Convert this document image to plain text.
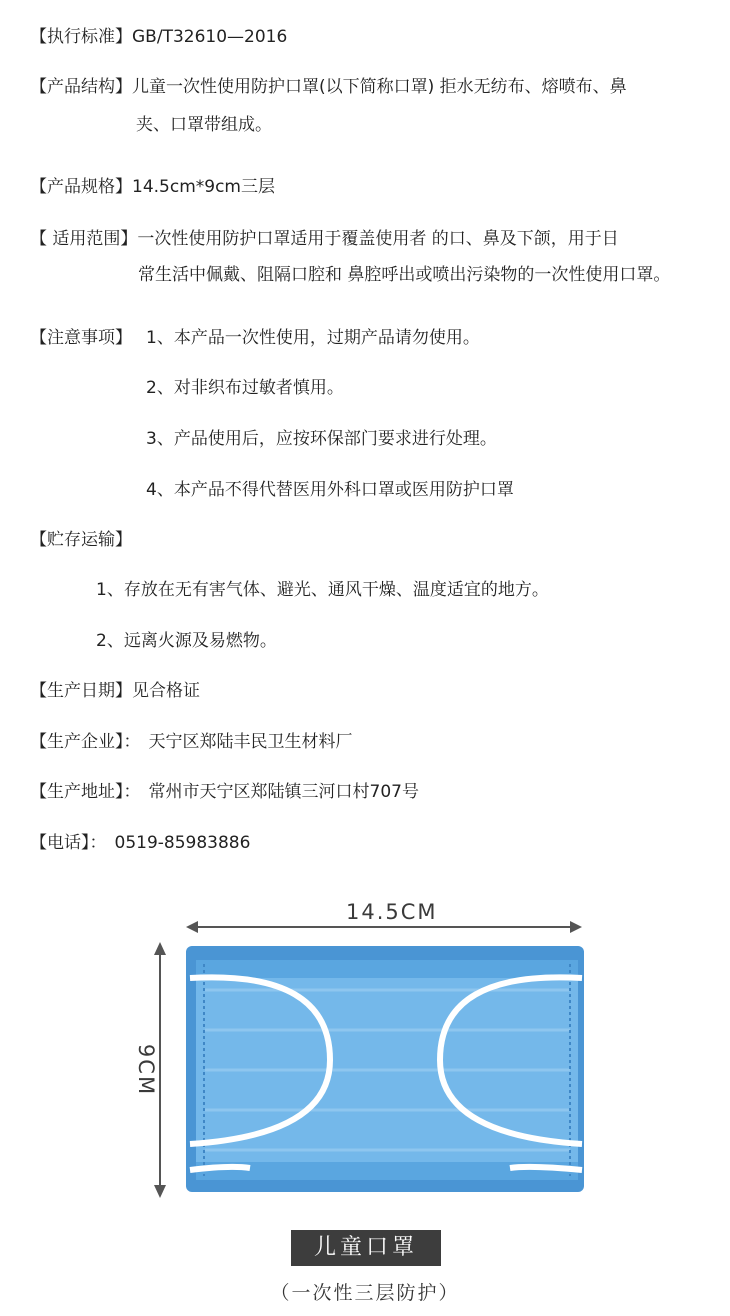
【执行标准】GB/T32610—2016
【产品结构】儿童一次性使用防护口罩(以下简称口罩) 拒水无纺布、熔喷布、鼻
夹、口罩带组成。
【产品规格】14.5cm*9cm三层
【 适用范围】一次性使用防护口罩适用于覆盖使用者 的口、鼻及下颌，用于日
常生活中佩戴、阻隔口腔和 鼻腔呼出或喷出污染物的一次性使用口罩。
【注意事项】 1、本产品一次性使用，过期产品请勿使用。
2、对非织布过敏者慎用。
3、产品使用后，应按环保部门要求进行处理。
4、本产品不得代替医用外科口罩或医用防护口罩
【贮存运输】
1、存放在无有害气体、避光、通风干燥、温度适宜的地方。
2、远离火源及易燃物。
【生产日期】见合格证
【生产企业】： 天宁区郑陆丰民卫生材料厂
【生产地址】： 常州市天宁区郑陆镇三河口村707号
【电话】： 0519-85983886
14.5CM
9CM
儿童口罩
（一次性三层防护）
